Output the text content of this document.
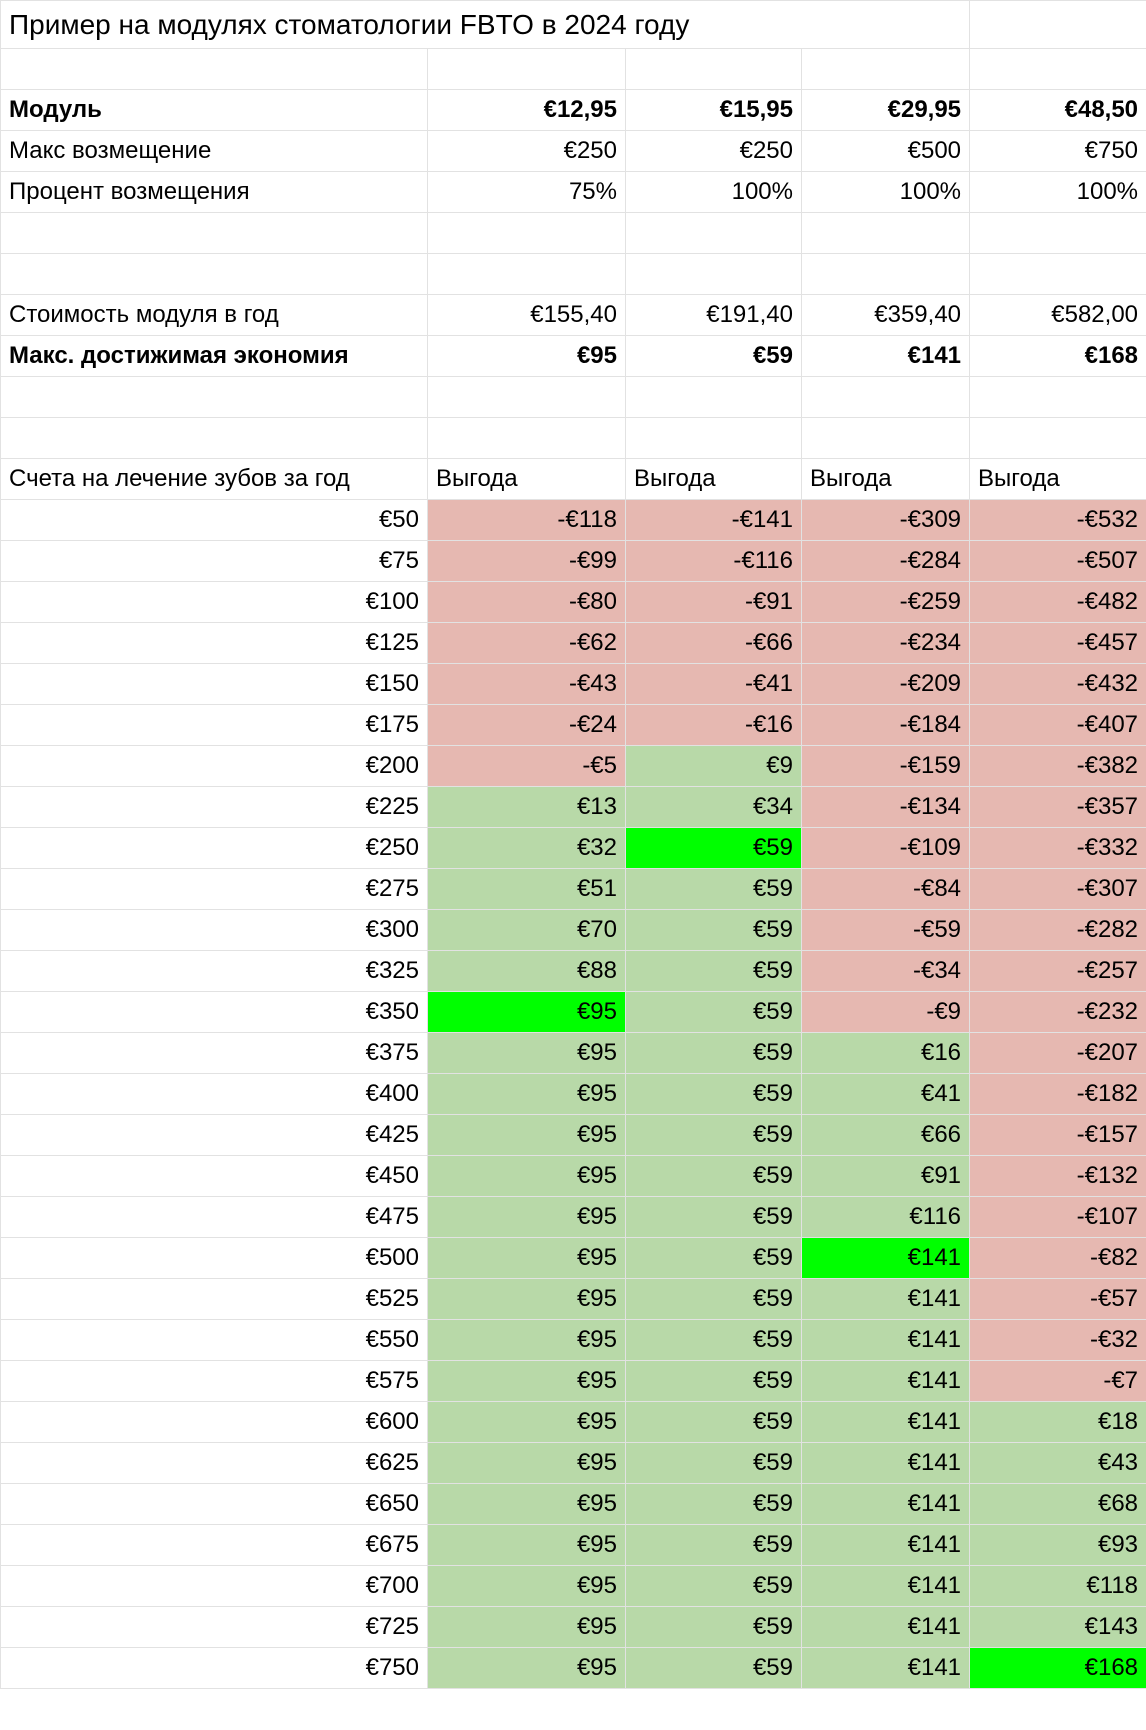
Пример на модулях стоматологии FBTO в 2024 году				

Модуль	€12,95	€15,95	€29,95	€48,50
Макс возмещение	€250	€250	€500	€750
Процент возмещения	75%	100%	100%	100%

Стоимость модуля в год	€155,40	€191,40	€359,40	€582,00
Макс. достижимая экономия	€95	€59	€141	€168

Счета на лечение зубов за год	Выгода	Выгода	Выгода	Выгода
€50	-€118	-€141	-€309	-€532
€75	-€99	-€116	-€284	-€507
€100	-€80	-€91	-€259	-€482
€125	-€62	-€66	-€234	-€457
€150	-€43	-€41	-€209	-€432
€175	-€24	-€16	-€184	-€407
€200	-€5	€9	-€159	-€382
€225	€13	€34	-€134	-€357
€250	€32	€59	-€109	-€332
€275	€51	€59	-€84	-€307
€300	€70	€59	-€59	-€282
€325	€88	€59	-€34	-€257
€350	€95	€59	-€9	-€232
€375	€95	€59	€16	-€207
€400	€95	€59	€41	-€182
€425	€95	€59	€66	-€157
€450	€95	€59	€91	-€132
€475	€95	€59	€116	-€107
€500	€95	€59	€141	-€82
€525	€95	€59	€141	-€57
€550	€95	€59	€141	-€32
€575	€95	€59	€141	-€7
€600	€95	€59	€141	€18
€625	€95	€59	€141	€43
€650	€95	€59	€141	€68
€675	€95	€59	€141	€93
€700	€95	€59	€141	€118
€725	€95	€59	€141	€143
€750	€95	€59	€141	€168
